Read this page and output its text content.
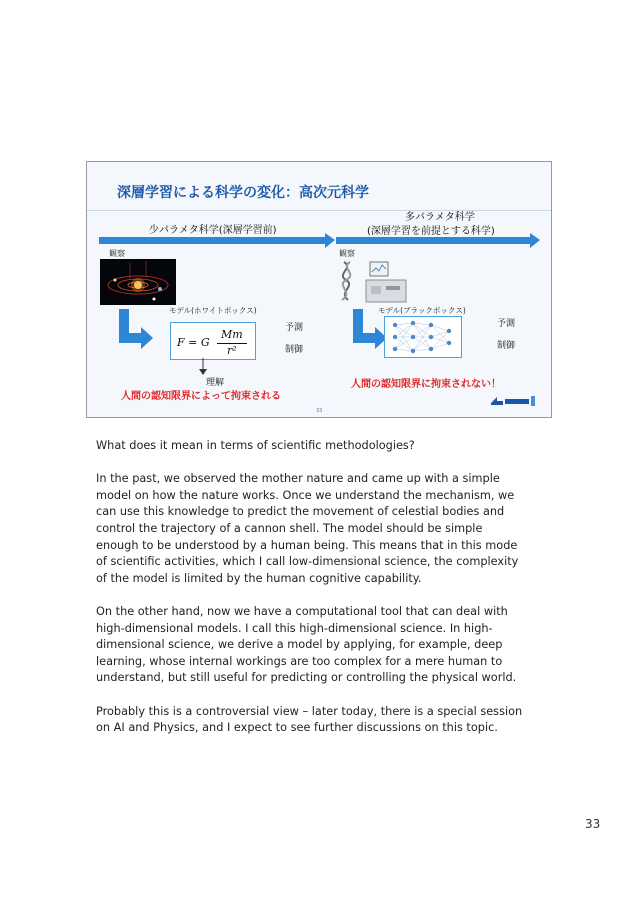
深層学習による科学の変化：高次元科学
少パラメタ科学(深層学習前)
多パラメタ科学
(深層学習を前提とする科学)
観察	観察
モデル(ホワイトボックス)	モデル(ブラックボックス)
F = G
Mm
r²
予測
制御
予測
制御
理解
人間の認知限界によって拘束される
人間の認知限界に拘束されない！
33
What does it mean in terms of scientific methodologies?
In the past, we observed the mother nature and came up with a simple
model on how the nature works. Once we understand the mechanism, we
can use this knowledge to predict the movement of celestial bodies and
control the trajectory of a cannon shell. The model should be simple
enough to be understood by a human being. This means that in this mode
of scientific activities, which I call low-dimensional science, the complexity
of the model is limited by the human cognitive capability.
On the other hand, now we have a computational tool that can deal with
high-dimensional models. I call this high-dimensional science. In high-
dimensional science, we derive a model by applying, for example, deep
learning, whose internal workings are too complex for a mere human to
understand, but still useful for predicting or controlling the physical world.
Probably this is a controversial view – later today, there is a special session
on AI and Physics, and I expect to see further discussions on this topic.
33
